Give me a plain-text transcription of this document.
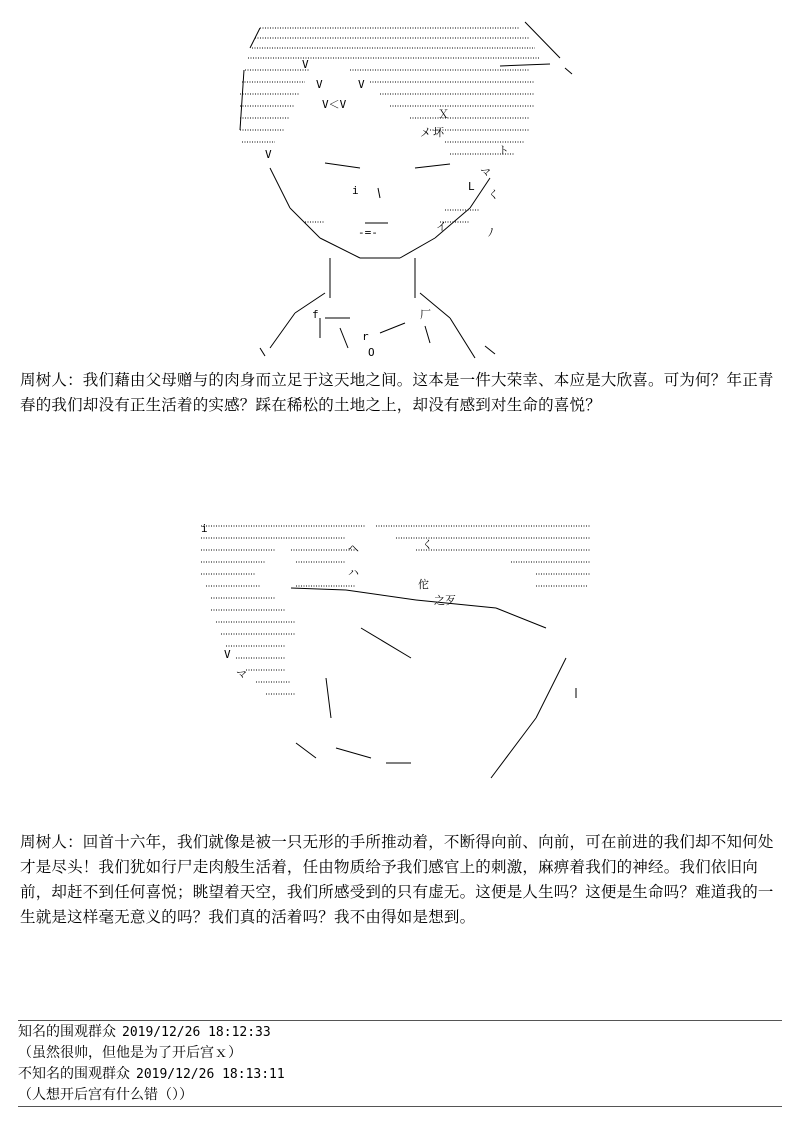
V
V	V
V
Ｘ
メ 坏
ト
i	L
イ
く
マ
ﾉ
厂
r
f
O
V＜V
-=-

周树人：我们藉由父母赠与的肉身而立足于这天地之间。这本是一件大荣幸、本应是大欣喜。可为何？年正青春的我们却没有正生活着的实感？踩在稀松的土地之上，却没有感到对生命的喜悦？

i
V
マ
く
ハ
ヘ
之歹
佗

周树人：回首十六年，我们就像是被一只无形的手所推动着，不断得向前、向前，可在前进的我们却不知何处才是尽头！我们犹如行尸走肉般生活着，任由物质给予我们感官上的刺激，麻痹着我们的神经。我们依旧向前，却赶不到任何喜悦；眺望着天空，我们所感受到的只有虚无。这便是人生吗？这便是生命吗？难道我的一生就是这样毫无意义的吗？我们真的活着吗？我不由得如是想到。

知名的围观群众 2019/12/26 18:12:33
（虽然很帅，但他是为了开后宫ｘ）
不知名的围观群众 2019/12/26 18:13:11
（人想开后宫有什么错（））
